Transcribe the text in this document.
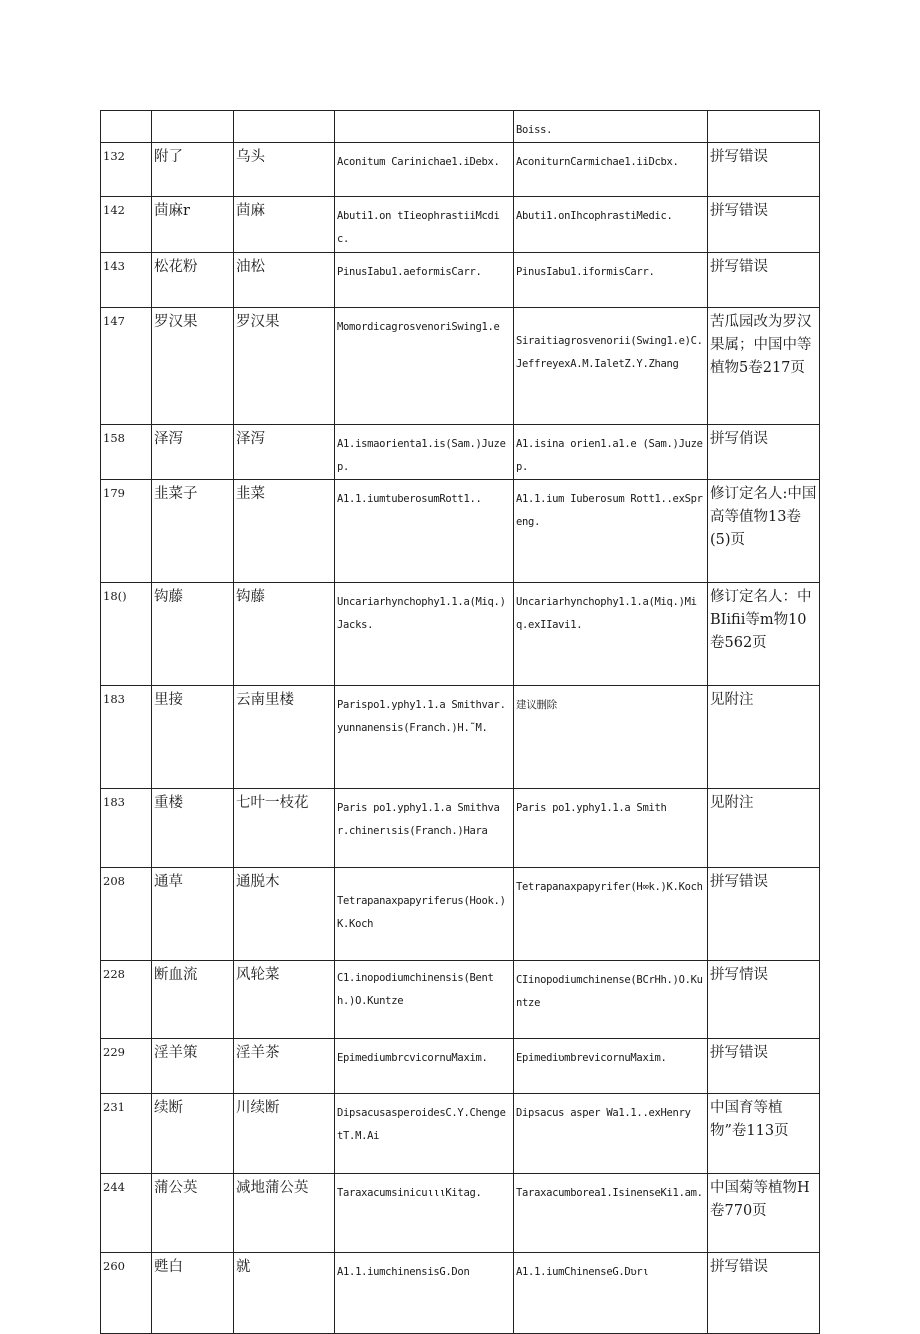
				Boiss.	
132	附了	乌头	Aconitum Carinichae1.iDebx.	AconiturnCarmichae1.iiDcbx.	拼写错误
142	茴麻r	茴麻	Abuti1.on tIieophrastiiMcdic.	Abuti1.onIhcophrastiMedic.	拼写错误
143	松花粉	油松	PinusIabu1.aeformisCarr.	PinusIabu1.iformisCarr.	拼写错误
147	罗汉果	罗汉果	MomordicagrosvenoriSwing1.e	Siraitiagrosvenorii(Swing1.e)C.JeffreyexA.M.IaletZ.Y.Zhang	苦瓜园改为罗汉果属；中国中等植物5卷217页
158	泽泻	泽泻	A1.ismaorienta1.is(Sam.)Juzep.	A1.isina orien1.a1.e (Sam.)Juzep.	拼写俏误
179	韭菜子	韭菜	A1.1.iumtuberosumRott1..	A1.1.ium Iuberosum Rott1..exSpreng.	修订定名人:中国高等值物13卷(5)页
18()	钩藤	钩藤	Uncariarhynchophy1.1.a(Miq.)Jacks.	Uncariarhynchophy1.1.a(Miq.)Miq.exIIavi1.	修订定名人：中BIifii等m物10卷562页
183	里接	云南里楼	Parispo1.yphy1.1.a Smithvar.yunnanensis(Franch.)H.˜M.	建议删除	见附注
183	重楼	七叶一枝花	Paris po1.yphy1.1.a Smithvar.chinerιsis(Franch.)Hara	Paris po1.yphy1.1.a Smith	见附注
208	通草	通脱木	Tetrapanaxpapyriferus(Hook.)K.Koch	Tetrapanaxpapyrifer(H∞k.)K.Koch	拼写错误
228	断血流	风轮菜	C1.inopodiumchinensis(Benth.)O.Kuntze	CIinopodiumchinense(BCrHh.)O.Kuntze	拼写情误
229	淫羊策	淫羊茶	Epimediumbrcvicornu​Maxim.	Epimediʋmbrevicornu​Maxim.	拼写错误
231	续断	川续断	DipsacusasperoidesC.Y.ChengetT.M.Ai	Dipsacus asper Wa1.1..exHenry	中国育等植物”卷113页
244	蒲公英	减地蒲公英	TaraxacumsinicuιιιKitag.	Taraxacumborea1.IsinenseKi1.am.	中国菊等植物H卷770页
260	甦白	就	A1.1.iumchinensisG.Don	A1.1.iumChinenseG.Dʋrι	拼写错误
